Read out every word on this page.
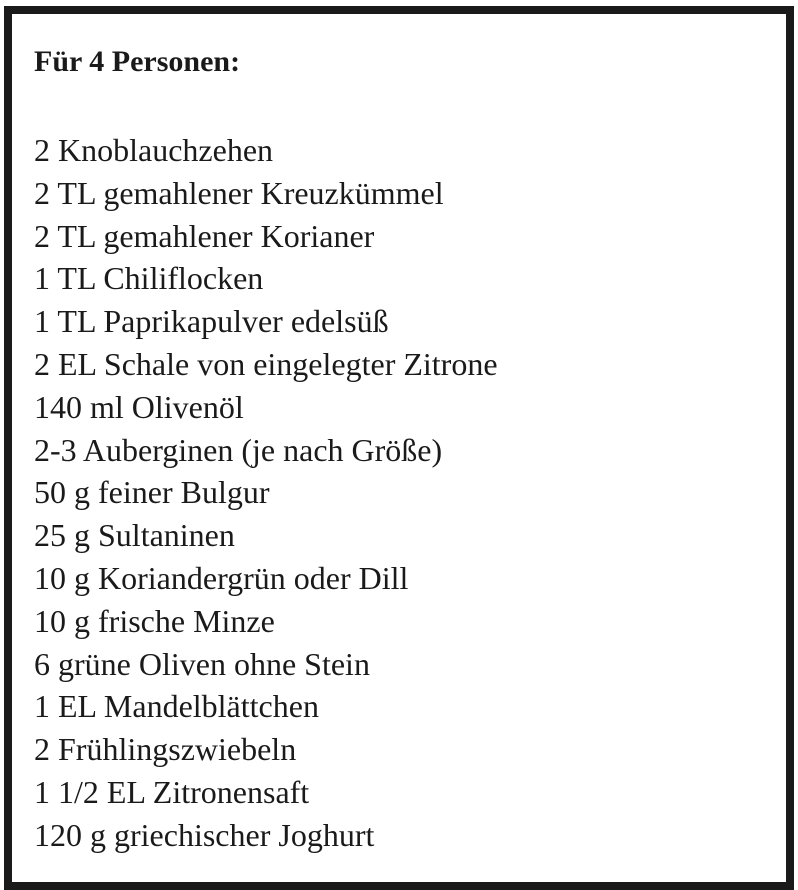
Für 4 Personen:
2 Knoblauchzehen
2 TL gemahlener Kreuzkümmel
2 TL gemahlener Korianer
1 TL Chiliflocken
1 TL Paprikapulver edelsüß
2 EL Schale von eingelegter Zitrone
140 ml Olivenöl
2-3 Auberginen (je nach Größe)
50 g feiner Bulgur
25 g Sultaninen
10 g Koriandergrün oder Dill
10 g frische Minze
6 grüne Oliven ohne Stein
1 EL Mandelblättchen
2 Frühlingszwiebeln
1 1/2 EL Zitronensaft
120 g griechischer Joghurt
